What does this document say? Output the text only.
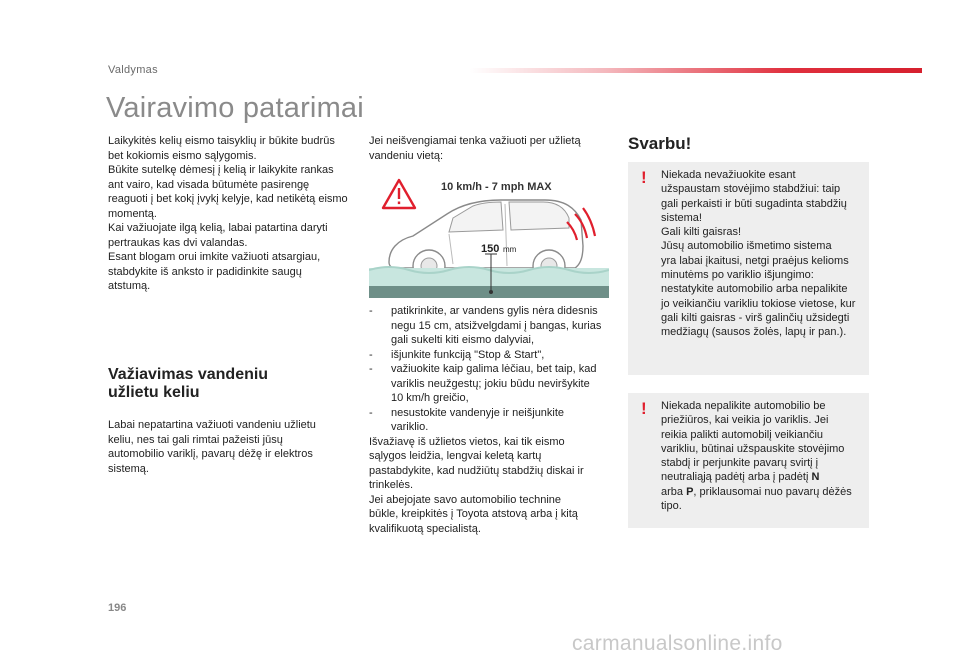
Valdymas
Vairavimo patarimai
Laikykitės kelių eismo taisyklių ir būkite budrūs
bet kokiomis eismo sąlygomis.
Būkite sutelkę dėmesį į kelią ir laikykite rankas
ant vairo, kad visada būtumėte pasirengę
reaguoti į bet kokį įvykį kelyje, kad netikėtą eismo
momentą.
Kai važiuojate ilgą kelią, labai patartina daryti
pertraukas kas dvi valandas.
Esant blogam orui imkite važiuoti atsargiau,
stabdykite iš anksto ir padidinkite saugų
atstumą.
Važiavimas vandeniu
užlietu keliu
Labai nepatartina važiuoti vandeniu užlietu
keliu, nes tai gali rimtai pažeisti jūsų
automobilio variklį, pavarų dėžę ir elektros
sistemą.
Jei neišvengiamai tenka važiuoti per užlietą
vandeniu vietą:
10 km/h - 7 mph MAX
150 mm
- patikrinkite, ar vandens gylis nėra didesnis
negu 15 cm, atsižvelgdami į bangas, kurias
gali sukelti kiti eismo dalyviai,
- išjunkite funkciją "Stop & Start",
- važiuokite kaip galima lėčiau, bet taip, kad
variklis neužgestų; jokiu būdu neviršykite
10 km/h greičio,
- nesustokite vandenyje ir neišjunkite
variklio.
Išvažiavę iš užlietos vietos, kai tik eismo
sąlygos leidžia, lengvai keletą kartų
pastabdykite, kad nudžiūtų stabdžių diskai ir
trinkelės.
Jei abejojate savo automobilio technine
būkle, kreipkitės į Toyota atstovą arba į kitą
kvalifikuotą specialistą.
Svarbu!
! Niekada nevažiuokite esant
užspaustam stovėjimo stabdžiui: taip
gali perkaisti ir būti sugadinta stabdžių
sistema!
Gali kilti gaisras!
Jūsų automobilio išmetimo sistema
yra labai įkaitusi, netgi praėjus kelioms
minutėms po variklio išjungimo:
nestatykite automobilio arba nepalikite
jo veikiančiu varikliu tokiose vietose, kur
gali kilti gaisras - virš galinčių užsidegti
medžiagų (sausos žolės, lapų ir pan.).
! Niekada nepalikite automobilio be
priežiūros, kai veikia jo variklis. Jei
reikia palikti automobilį veikiančiu
varikliu, būtinai užspauskite stovėjimo
stabdį ir perjunkite pavarų svirtį į
neutraliąją padėtį arba į padėtį N
arba P, priklausomai nuo pavarų dėžės
tipo.
196
carmanualsonline.info
